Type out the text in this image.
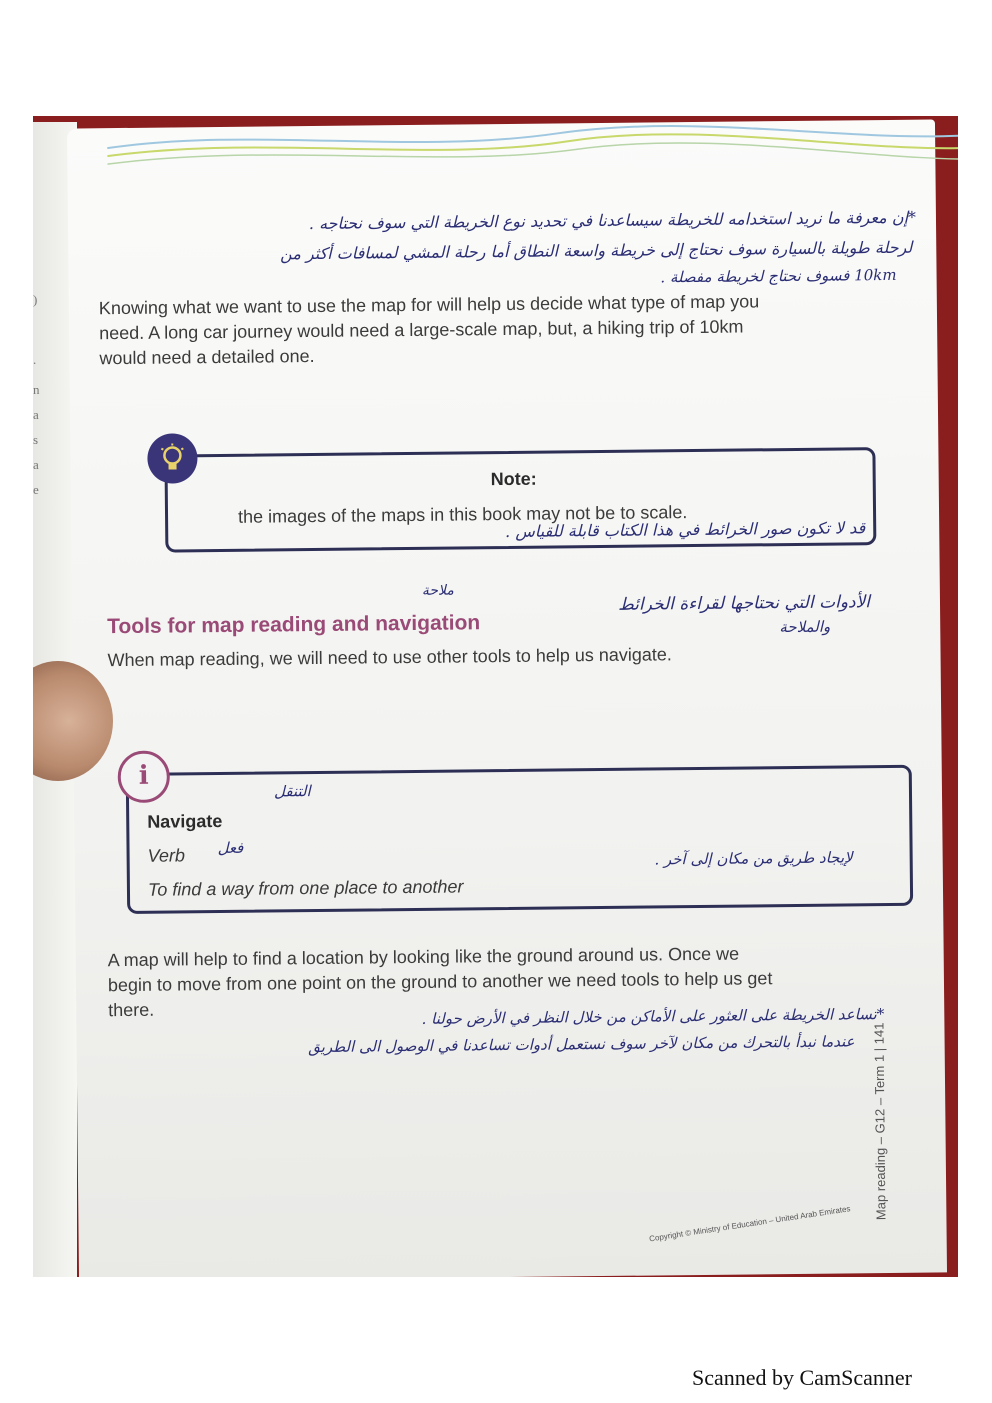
)
.
n
a
s
a
e
*إن معرفة ما نريد استخدامه للخريطة سيساعدنا في تحديد نوع الخريطة التي سوف نحتاجه .
لرحلة طويلة بالسيارة سوف نحتاج إلى خريطة واسعة النطاق أما رحلة المشي لمسافات أكثر من
10km فسوف نحتاج لخريطة مفصلة .
Knowing what we want to use the map for will help us decide what type of map you
need. A long car journey would need a large-scale map, but, a hiking trip of 10km
would need a detailed one.
Note:
the images of the maps in this book may not be to scale.
قد لا تكون صور الخرائط في هذا الكتاب قابلة للقياس .
ملاحة
Tools for map reading and navigation
الأدوات التي نحتاجها لقراءة الخرائط
والملاحة
When map reading, we will need to use other tools to help us navigate.
i
التنقل
Navigate
Verb فعل
To find a way from one place to another
لإيجاد طريق من مكان إلى آخر .
A map will help to find a location by looking like the ground around us. Once we
begin to move from one point on the ground to another we need tools to help us get
there.	*تساعد الخريطة على العثور على الأماكن من خلال النظر في الأرض حولنا .
عندما نبدأ بالتحرك من مكان لآخر سوف نستعمل أدوات تساعدنا في الوصول الى الطريق Map reading – G12 – Term 1 | 141
Copyright © Ministry of Education – United Arab Emirates
Scanned by CamScanner
